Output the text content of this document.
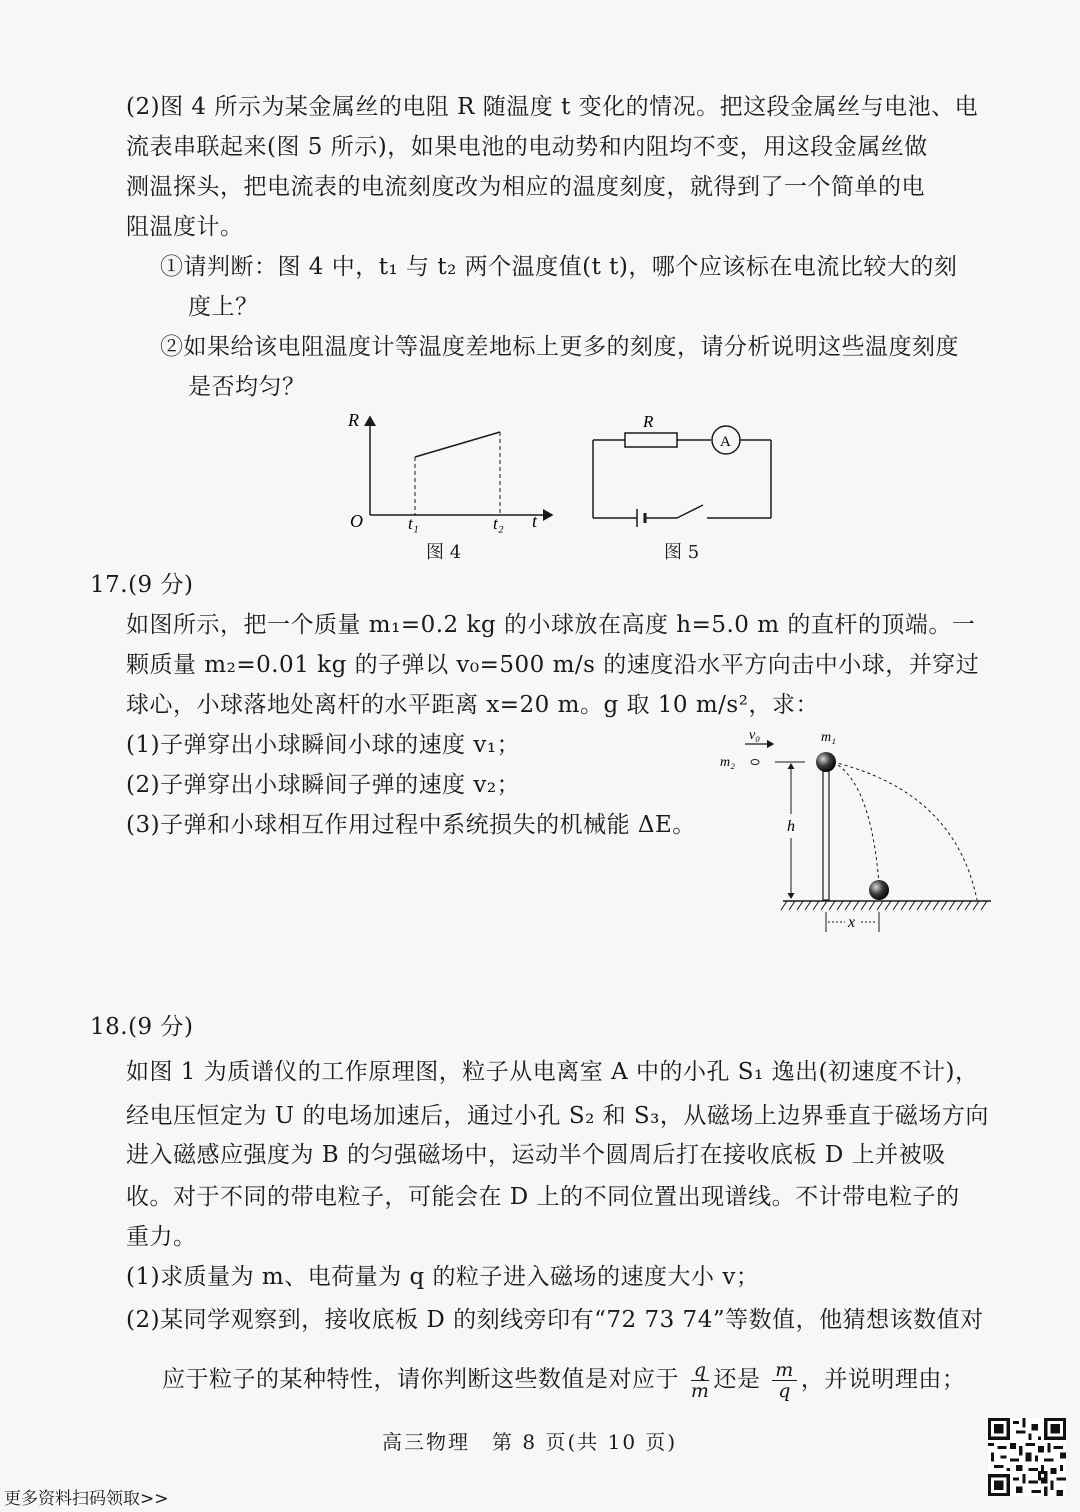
(2)图 4 所示为某金属丝的电阻 R 随温度 t 变化的情况。把这段金属丝与电池、电
流表串联起来(图 5 所示)，如果电池的电动势和内阻均不变，用这段金属丝做
测温探头，把电流表的电流刻度改为相应的温度刻度，就得到了一个简单的电
阻温度计。
①请判断：图 4 中，t₁ 与 t₂ 两个温度值(t t)，哪个应该标在电流比较大的刻
度上？
②如果给该电阻温度计等温度差地标上更多的刻度，请分析说明这些温度刻度
是否均匀？
R
O	t₁	t₂ t
图 4
R
A
图 5
17.(9 分)
如图所示，把一个质量 m₁=0.2 kg 的小球放在高度 h=5.0 m 的直杆的顶端。一
颗质量 m₂=0.01 kg 的子弹以 v₀=500 m/s 的速度沿水平方向击中小球，并穿过
球心，小球落地处离杆的水平距离 x=20 m。g 取 10 m/s²，求：
(1)子弹穿出小球瞬间小球的速度 v₁；
(2)子弹穿出小球瞬间子弹的速度 v₂；
(3)子弹和小球相互作用过程中系统损失的机械能 ΔE。
v₀
m₂
h
m₁
x
18.(9 分)
如图 1 为质谱仪的工作原理图，粒子从电离室 A 中的小孔 S₁ 逸出(初速度不计)，
经电压恒定为 U 的电场加速后，通过小孔 S₂ 和 S₃，从磁场上边界垂直于磁场方向
进入磁感应强度为 B 的匀强磁场中，运动半个圆周后打在接收底板 D 上并被吸
收。对于不同的带电粒子，可能会在 D 上的不同位置出现谱线。不计带电粒子的
重力。
(1)求质量为 m、电荷量为 q 的粒子进入磁场的速度大小 v；
(2)某同学观察到，接收底板 D 的刻线旁印有“72 73 74”等数值，他猜想该数值对
应于粒子的某种特性，请你判断这些数值是对应于 $\frac{q}{m}$ 还是 $\frac{m}{q}$ ，并说明理由；
高三物理　第 8 页(共 10 页)
更多资料扫码领取>>
